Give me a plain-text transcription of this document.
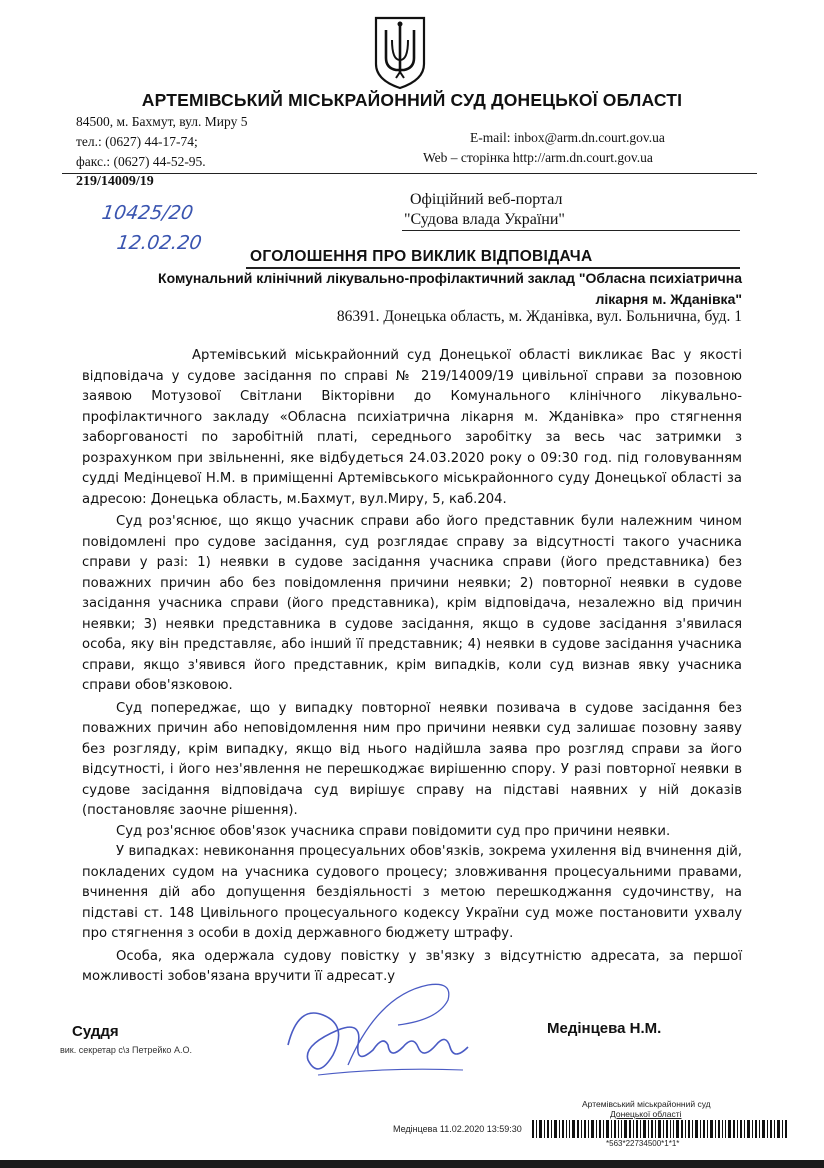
АРТЕМІВСЬКИЙ МІСЬКРАЙОННИЙ СУД ДОНЕЦЬКОЇ ОБЛАСТІ
84500, м. Бахмут, вул. Миру 5
тел.: (0627) 44-17-74;
факс.: (0627) 44-52-95.
E-mail: inbox@arm.dn.court.gov.ua
Web – сторінка http://arm.dn.court.gov.ua
219/14009/19
10425/20
12.02.20
Офіційний веб-портал
"Судова влада України"
ОГОЛОШЕННЯ ПРО ВИКЛИК ВІДПОВІДАЧА
Комунальний клінічний лікувально-профілактичний заклад "Обласна психіатрична
лікарня м. Жданівка"
86391. Донецька область, м. Жданівка, вул. Больнична, буд. 1

Артемівський міськрайонний суд Донецької області викликає Вас у якості відповідача у судове засідання по справі № 219/14009/19 цивільної справи за позовною заявою Мотузової Світлани Вікторівни до Комунального клінічного лікувально-профілактичного закладу «Обласна психіатрична лікарня м. Жданівка» про стягнення заборгованості по заробітній платі, середнього заробітку за весь час затримки з розрахунком при звільненні, яке відбудеться 24.03.2020 року о 09:30 год. під головуванням судді Медінцевої Н.М. в приміщенні Артемівського міськрайонного суду Донецької області за адресою: Донецька область, м.Бахмут, вул.Миру, 5, каб.204.

Суд роз'яснює, що якщо учасник справи або його представник були належним чином повідомлені про судове засідання, суд розглядає справу за відсутності такого учасника справи у разі: 1) неявки в судове засідання учасника справи (його представника) без поважних причин або без повідомлення причини неявки; 2) повторної неявки в судове засідання учасника справи (його представника), крім відповідача, незалежно від причин неявки; 3) неявки представника в судове засідання, якщо в судове засідання з'явилася особа, яку він представляє, або інший її представник; 4) неявки в судове засідання учасника справи, якщо з'явився його представник, крім випадків, коли суд визнав явку учасника справи обов'язковою.

Суд попереджає, що у випадку повторної неявки позивача в судове засідання без поважних причин або неповідомлення ним про причини неявки суд залишає позовну заяву без розгляду, крім випадку, якщо від нього надійшла заява про розгляд справи за його відсутності, і його нез'явлення не перешкоджає вирішенню спору. У разі повторної неявки в судове засідання відповідача суд вирішує справу на підставі наявних у ній доказів (постановляє заочне рішення).

Суд роз'яснює обов'язок учасника справи повідомити суд про причини неявки.

У випадках: невиконання процесуальних обов'язків, зокрема ухилення від вчинення дій, покладених судом на учасника судового процесу; зловживання процесуальними правами, вчинення дій або допущення бездіяльності з метою перешкоджання судочинству, на підставі ст. 148 Цивільного процесуального кодексу України суд може постановити ухвалу про стягнення з особи в дохід державного бюджету штрафу.

Особа, яка одержала судову повістку у зв'язку з відсутністю адресата, за першої можливості зобов'язана вручити її адресат.у

Суддя
вик. секретар с\з Петрейко А.О.
Медінцева Н.М.
Артемівський міськрайонний суд
Донецької області
Медінцева 11.02.2020 13:59:30
*563*22734500*1*1*
